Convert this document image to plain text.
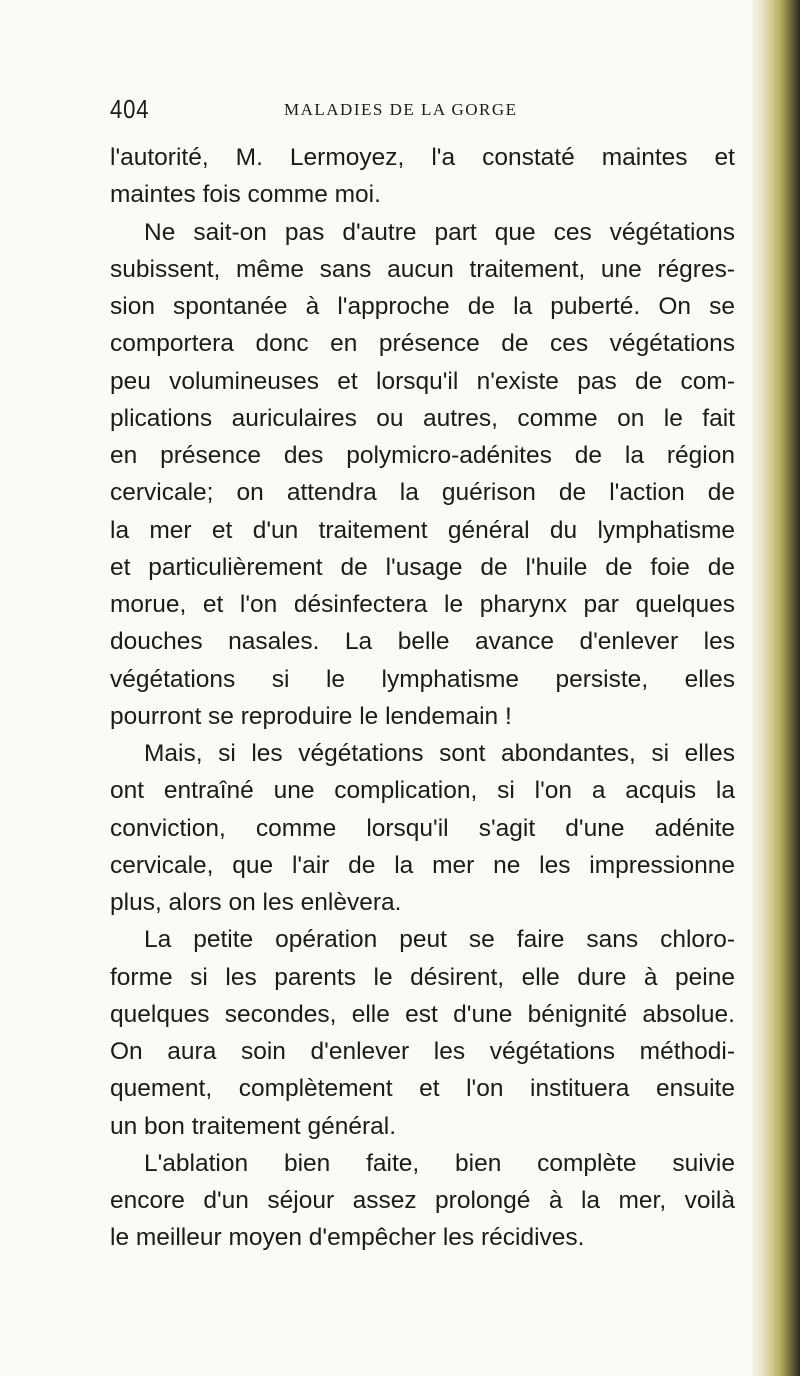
404	MALADIES DE LA GORGE
l'autorité, M. Lermoyez, l'a constaté maintes et
maintes fois comme moi.
Ne sait-on pas d'autre part que ces végétations
subissent, même sans aucun traitement, une régres-
sion spontanée à l'approche de la puberté. On se
comportera donc en présence de ces végétations
peu volumineuses et lorsqu'il n'existe pas de com-
plications auriculaires ou autres, comme on le fait
en présence des polymicro-adénites de la région
cervicale; on attendra la guérison de l'action de
la mer et d'un traitement général du lymphatisme
et particulièrement de l'usage de l'huile de foie de
morue, et l'on désinfectera le pharynx par quelques
douches nasales. La belle avance d'enlever les
végétations si le lymphatisme persiste, elles
pourront se reproduire le lendemain !
Mais, si les végétations sont abondantes, si elles
ont entraîné une complication, si l'on a acquis la
conviction, comme lorsqu'il s'agit d'une adénite
cervicale, que l'air de la mer ne les impressionne
plus, alors on les enlèvera.
La petite opération peut se faire sans chloro-
forme si les parents le désirent, elle dure à peine
quelques secondes, elle est d'une bénignité absolue.
On aura soin d'enlever les végétations méthodi-
quement, complètement et l'on instituera ensuite
un bon traitement général.
L'ablation bien faite, bien complète suivie
encore d'un séjour assez prolongé à la mer, voilà
le meilleur moyen d'empêcher les récidives.
